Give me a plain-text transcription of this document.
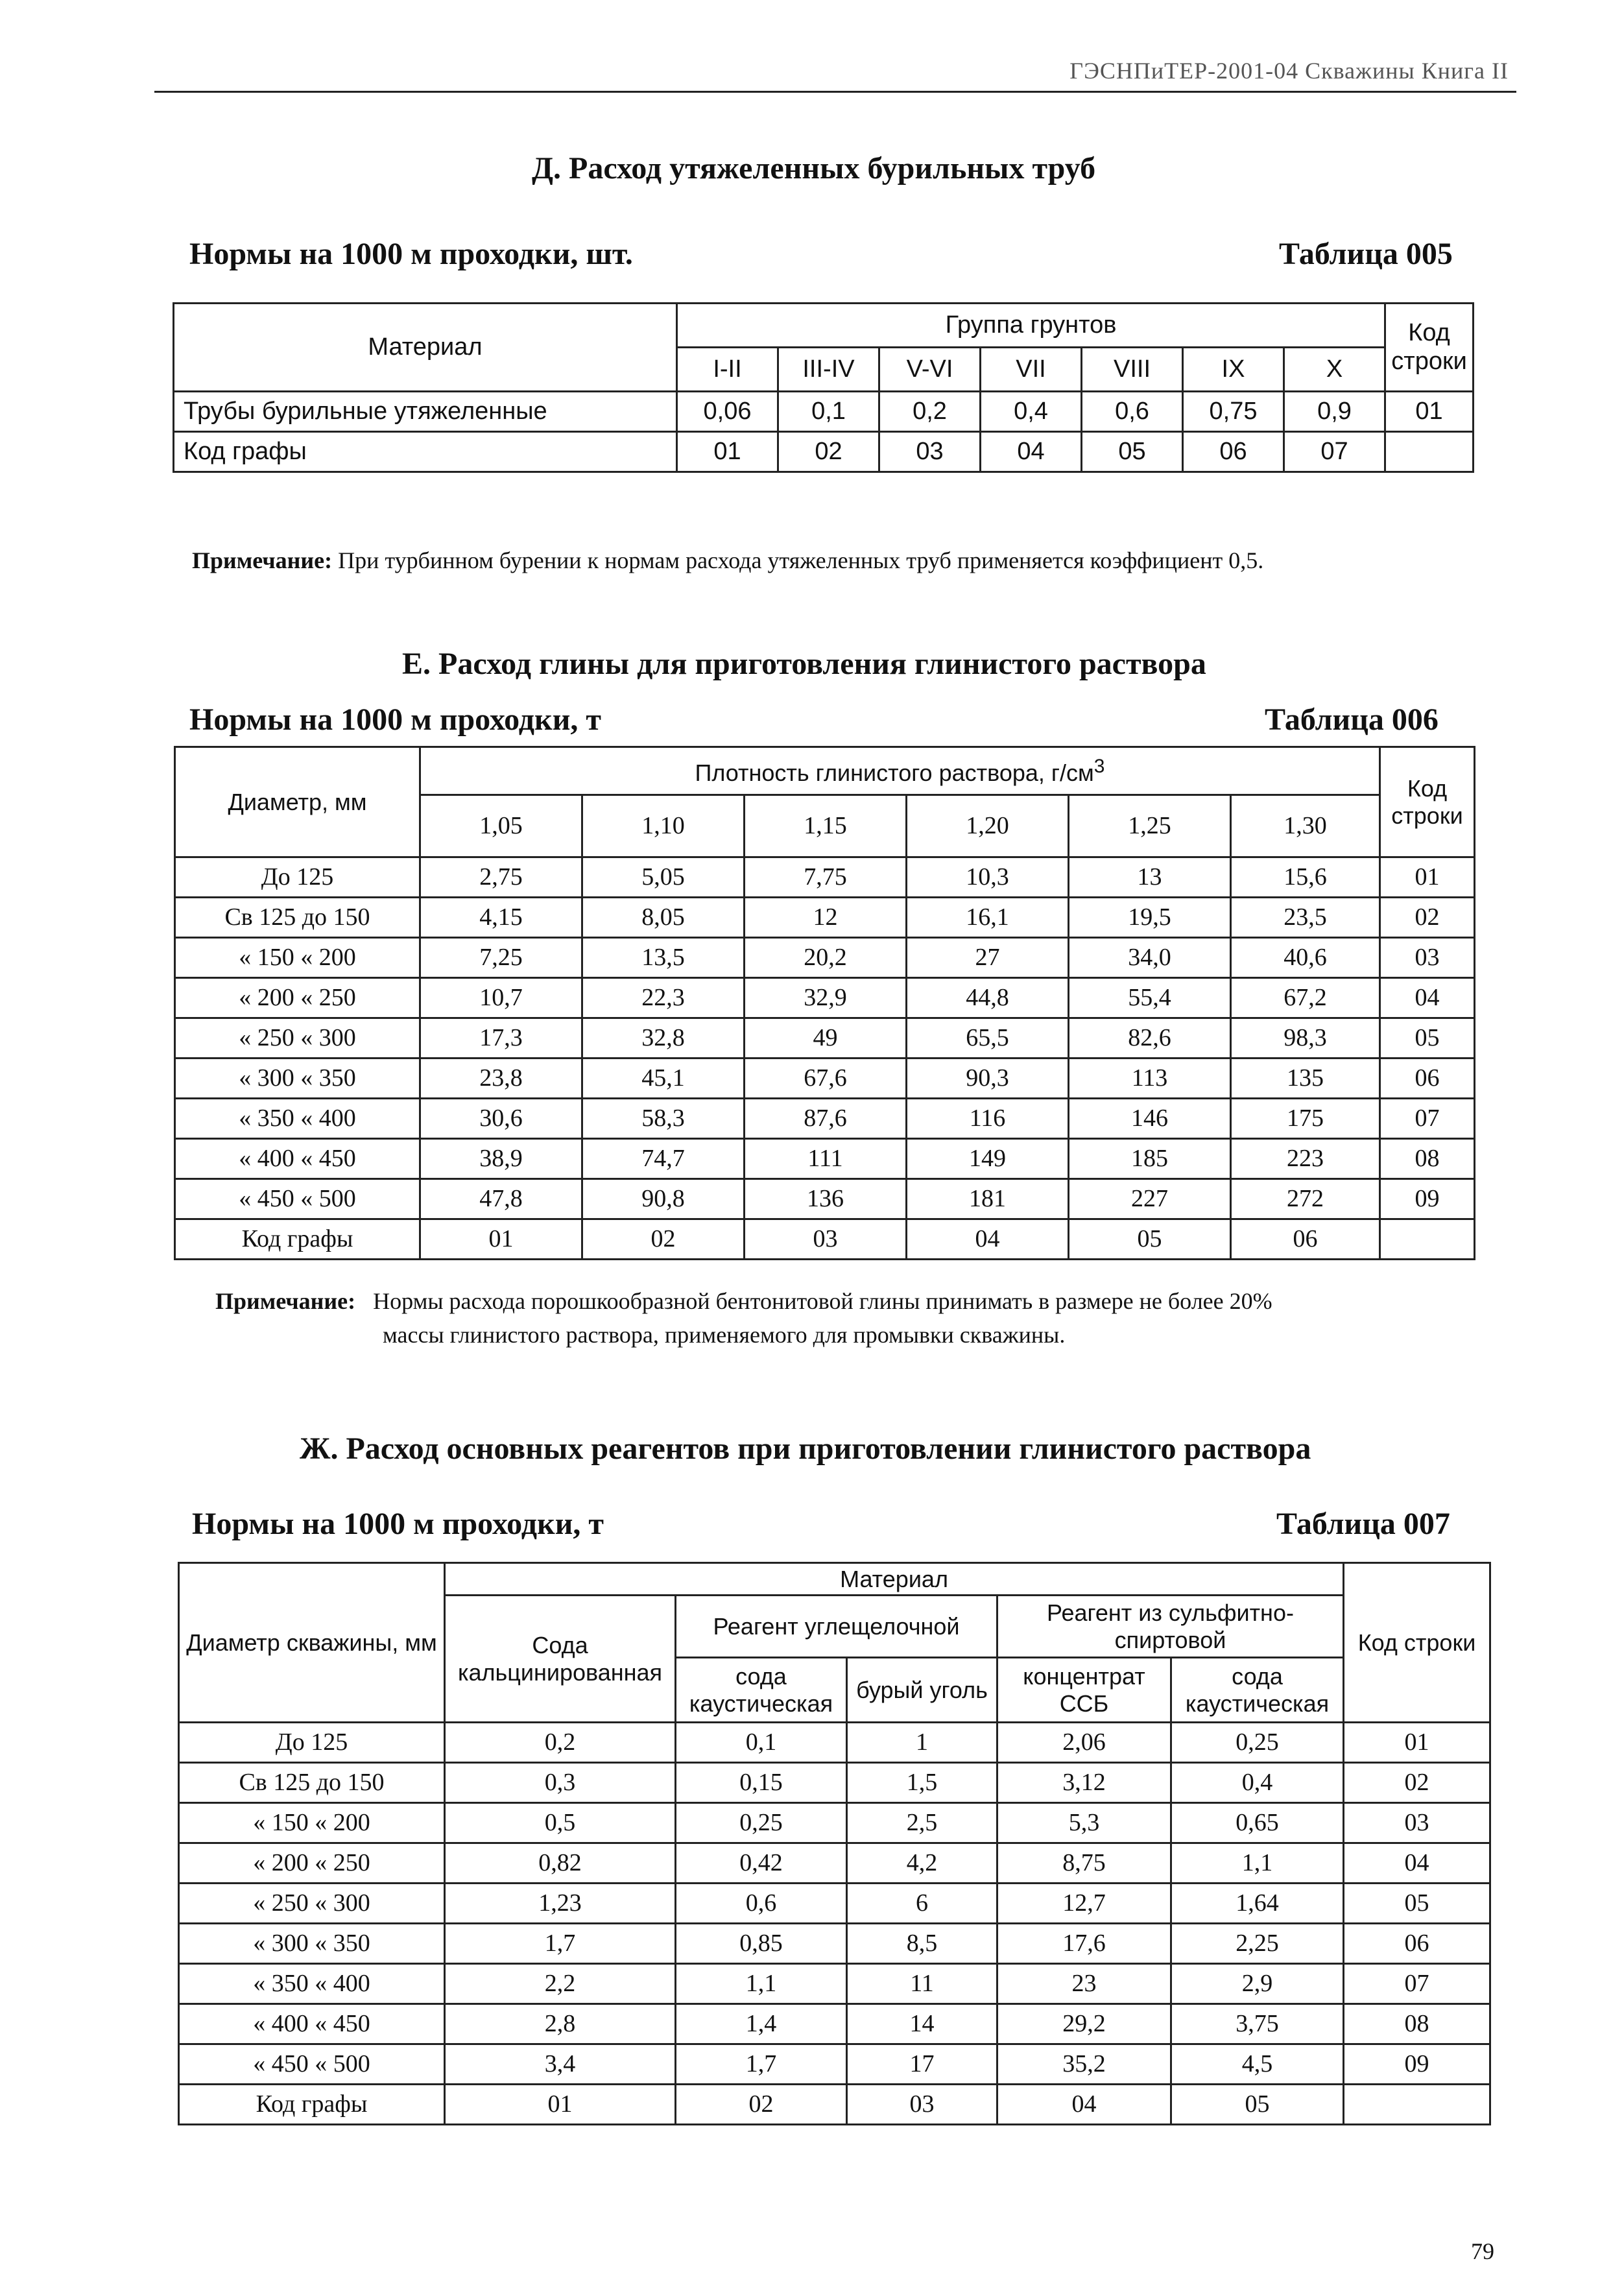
ГЭСНПиТЕР-2001-04 Скважины Книга II
Д. Расход утяжеленных бурильных труб
Нормы на 1000 м проходки, шт.	Таблица 005
Материал	Группа грунтов							Код строки
	I-II	III-IV	V-VI	VII	VIII	IX	X	
Трубы бурильные утяжеленные	0,06	0,1	0,2	0,4	0,6	0,75	0,9	01
Код графы	01	02	03	04	05	06	07	
Примечание: При турбинном бурении к нормам расхода утяжеленных труб применяется коэффициент 0,5.
Е. Расход глины для приготовления глинистого раствора
Нормы на 1000 м проходки, т	Таблица 006
Диаметр, мм	Плотность глинистого раствора, $г/см^3$						Код строки
	1,05	1,10	1,15	1,20	1,25	1,30	
До 125	2,75	5,05	7,75	10,3	13	15,6	01
Св 125 до 150	4,15	8,05	12	16,1	19,5	23,5	02
« 150 « 200	7,25	13,5	20,2	27	34,0	40,6	03
« 200 « 250	10,7	22,3	32,9	44,8	55,4	67,2	04
« 250 « 300	17,3	32,8	49	65,5	82,6	98,3	05
« 300 « 350	23,8	45,1	67,6	90,3	113	135	06
« 350 « 400	30,6	58,3	87,6	116	146	175	07
« 400 « 450	38,9	74,7	111	149	185	223	08
« 450 « 500	47,8	90,8	136	181	227	272	09
Код графы	01	02	03	04	05	06	
Примечание: Нормы расхода порошкообразной бентонитовой глины принимать в размере не более 20%
массы глинистого раствора, применяемого для промывки скважины.
Ж. Расход основных реагентов при приготовлении глинистого раствора
Нормы на 1000 м проходки, т	Таблица 007
Диаметр скважины, мм	Материал					Код строки
	Сода кальцинированная	Реагент углещелочной		Реагент из сульфитно-спиртовой		
		сода каустическая	бурый уголь	концентрат ССБ	сода каустическая	
До 125	0,2	0,1	1	2,06	0,25	01
Св 125 до 150	0,3	0,15	1,5	3,12	0,4	02
« 150 « 200	0,5	0,25	2,5	5,3	0,65	03
« 200 « 250	0,82	0,42	4,2	8,75	1,1	04
« 250 « 300	1,23	0,6	6	12,7	1,64	05
« 300 « 350	1,7	0,85	8,5	17,6	2,25	06
« 350 « 400	2,2	1,1	11	23	2,9	07
« 400 « 450	2,8	1,4	14	29,2	3,75	08
« 450 « 500	3,4	1,7	17	35,2	4,5	09
Код графы	01	02	03	04	05	
79
